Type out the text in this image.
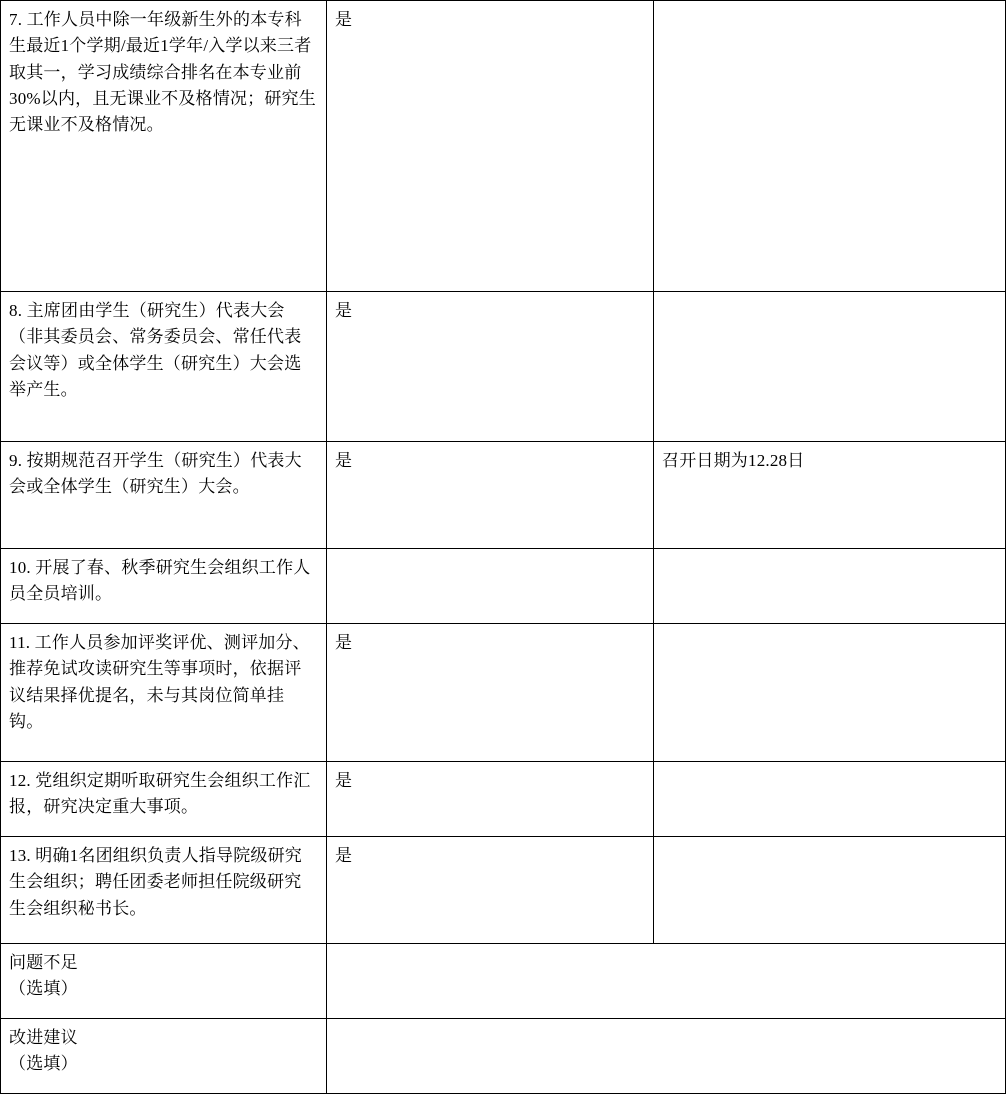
7. 工作人员中除一年级新生外的本专科生最近1个学期/最近1学年/入学以来三者取其一，学习成绩综合排名在本专业前30%以内，且无课业不及格情况；研究生无课业不及格情况。	是	
8. 主席团由学生（研究生）代表大会（非其委员会、常务委员会、常任代表会议等）或全体学生（研究生）大会选举产生。	是	
9. 按期规范召开学生（研究生）代表大会或全体学生（研究生）大会。	是	召开日期为12.28日
10. 开展了春、秋季研究生会组织工作人员全员培训。		
11. 工作人员参加评奖评优、测评加分、推荐免试攻读研究生等事项时，依据评议结果择优提名，未与其岗位简单挂钩。	是	
12. 党组织定期听取研究生会组织工作汇报，研究决定重大事项。	是	
13. 明确1名团组织负责人指导院级研究生会组织；聘任团委老师担任院级研究生会组织秘书长。	是	

问题不足
（选填）		

改进建议
（选填）		
